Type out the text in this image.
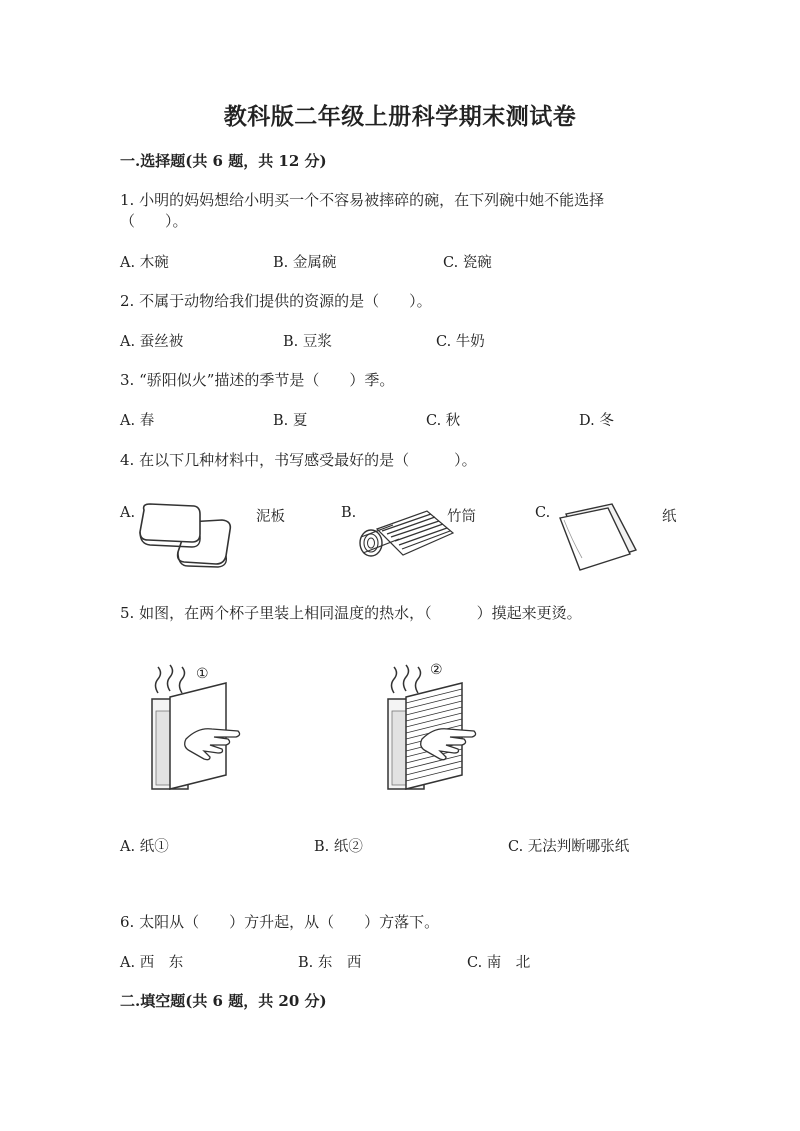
教科版二年级上册科学期末测试卷
一.选择题(共 6 题，共 12 分)
1. 小明的妈妈想给小明买一个不容易被摔碎的碗，在下列碗中她不能选择
（　　）。
A. 木碗	B. 金属碗	C. 瓷碗
2. 不属于动物给我们提供的资源的是（　　）。
A. 蚕丝被	B. 豆浆	C. 牛奶
3. “骄阳似火”描述的季节是（　　）季。
A. 春	B. 夏	C. 秋	D. 冬
4. 在以下几种材料中，书写感受最好的是（　　　）。
A.	泥板	B.	竹筒	C.	纸
5. 如图，在两个杯子里装上相同温度的热水，（　　　）摸起来更烫。
①	②
A. 纸①	B. 纸②	C. 无法判断哪张纸
6. 太阳从（　　）方升起，从（　　）方落下。
A. 西　东	B. 东　西	C. 南　北
二.填空题(共 6 题，共 20 分)
